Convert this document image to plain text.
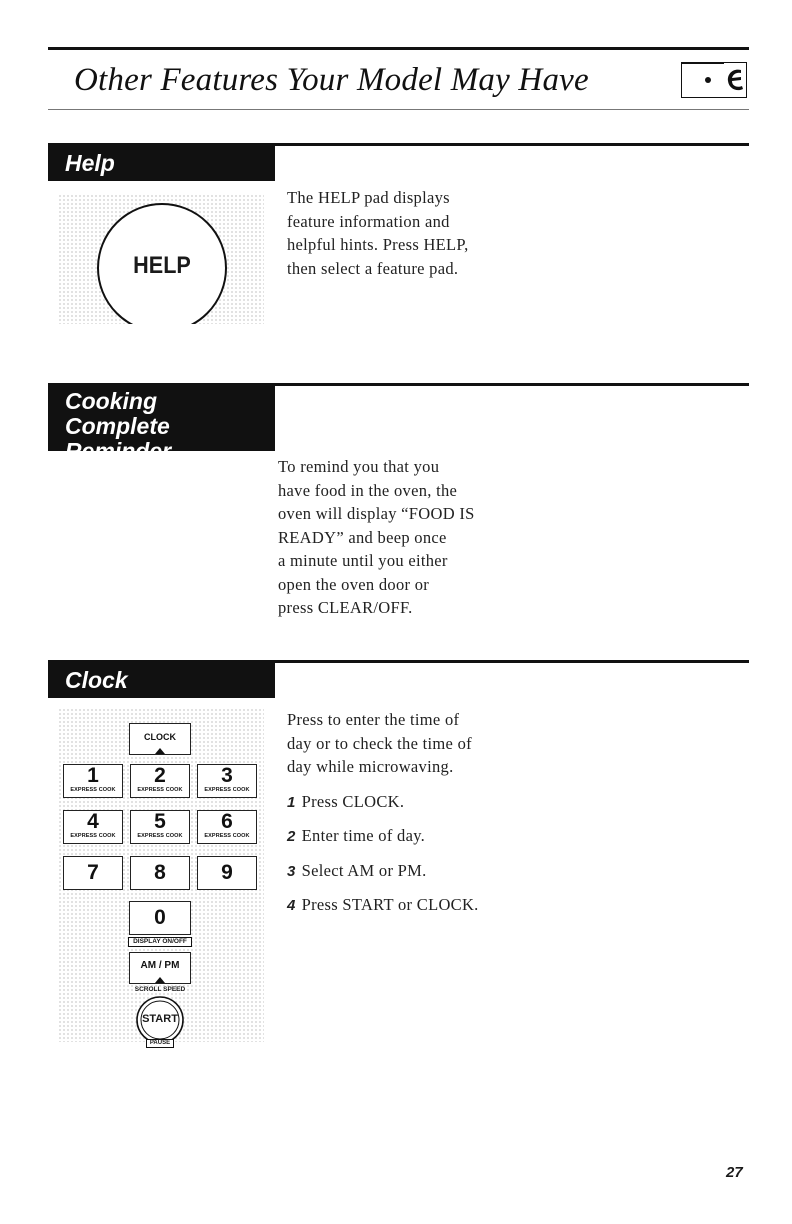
Other Features Your Model May Have
Help
HELP

The HELP pad displays

feature information and

helpful hints. Press HELP,

then select a feature pad.

Cooking Complete
Reminder

To remind you that you

have food in the oven, the

oven will display “FOOD IS

READY” and beep once

a minute until you either

open the oven door or

press CLEAR/OFF.

Clock
CLOCK
1
EXPRESS COOK
2
EXPRESS COOK
3
EXPRESS COOK
4
EXPRESS COOK
5
EXPRESS COOK
6
EXPRESS COOK
7	8	9
0
DISPLAY ON/OFF
AM / PM
SCROLL SPEED
START
PAUSE

Press to enter the time of

day or to check the time of

day while microwaving.

1 Press CLOCK.

2 Enter time of day.

3 Select AM or PM.

4 Press START or CLOCK.

27
